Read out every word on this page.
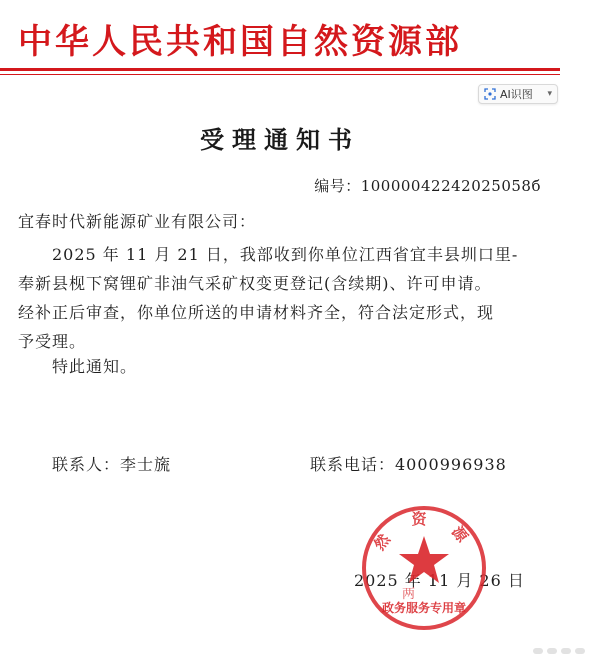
中华人民共和国自然资源部
AI识图 ▾
受理通知书
编号：10000042242025058б
宜春时代新能源矿业有限公司：
2025 年 11 月 21 日，我部收到你单位江西省宜丰县圳口里-
奉新县枧下窝锂矿非油气采矿权变更登记(含续期)、许可申请。
经补正后审查，你单位所送的申请材料齐全，符合法定形式，现
予受理。
特此通知。
联系人：李士旒	联系电话：4000996938
2025 年 11 月 26 日
然 资 源
两
政务服务专用章
